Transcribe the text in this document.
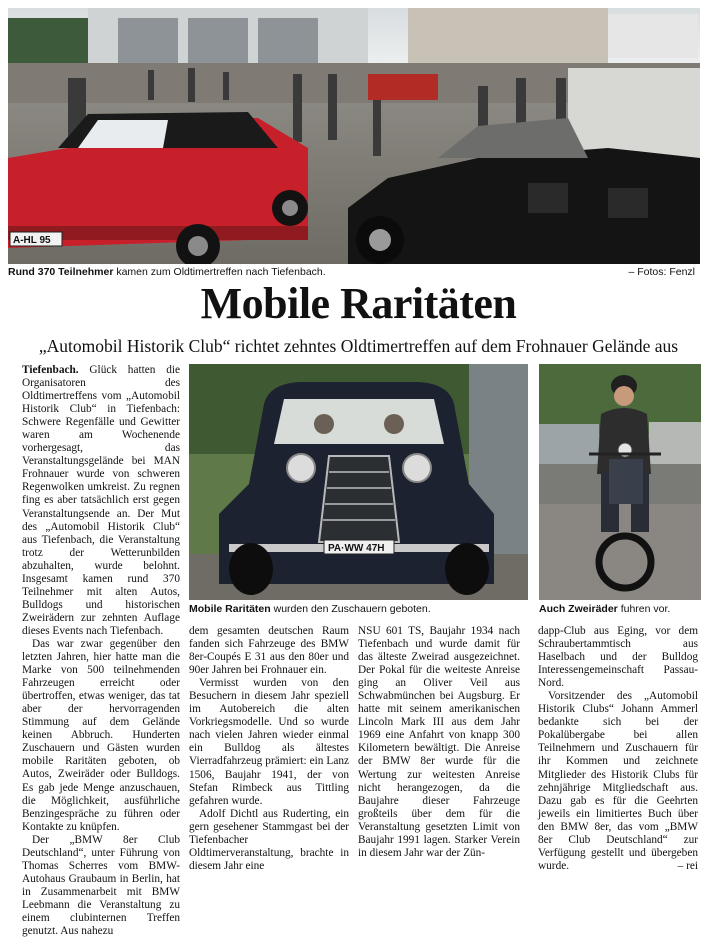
A-HL 95
Rund 370 Teilnehmer kamen zum Oldtimertreffen nach Tiefenbach.	– Fotos: Fenzl
Mobile Raritäten
„Automobil Historik Club“ richtet zehntes Oldtimertreffen auf dem Frohnauer Gelände aus
PA·WW 47H
Mobile Raritäten wurden den Zuschauern geboten.	Auch Zweiräder fuhren vor.

Tiefenbach. Glück hatten die Organisatoren des Oldtimertreffens vom „Automobil Historik Club“ in Tiefenbach: Schwere Regenfälle und Gewitter waren am Wochenende vorhergesagt, das Veranstaltungsgelände bei MAN Frohnauer wurde von schweren Regenwolken umkreist. Zu regnen fing es aber tatsächlich erst gegen Veranstaltungsende an. Der Mut des „Automobil Historik Club“ aus Tiefenbach, die Veranstaltung trotz der Wetterunbilden abzuhalten, wurde belohnt. Insgesamt kamen rund 370 Teilnehmer mit alten Autos, Bulldogs und historischen Zweirädern zur zehnten Auflage dieses Events nach Tiefenbach.

Das war zwar gegenüber den letzten Jahren, hier hatte man die Marke von 500 teilnehmenden Fahrzeugen erreicht oder übertroffen, etwas weniger, das tat aber der hervorragenden Stimmung auf dem Gelände keinen Abbruch. Hunderten Zuschauern und Gästen wurden mobile Raritäten geboten, ob Autos, Zweiräder oder Bulldogs. Es gab jede Menge anzuschauen, die Möglichkeit, ausführliche Benzingespräche zu führen oder Kontakte zu knüpfen.

Der „BMW 8er Club Deutschland“, unter Führung von Thomas Scherres vom BMW-Autohaus Graubaum in Berlin, hat in Zusammenarbeit mit BMW Leebmann die Veranstaltung zu einem clubinternen Treffen genutzt. Aus nahezu

dem gesamten deutschen Raum fanden sich Fahrzeuge des BMW 8er-Coupés E 31 aus den 80er und 90er Jahren bei Frohnauer ein.

Vermisst wurden von den Besuchern in diesem Jahr speziell im Autobereich die alten Vorkriegsmodelle. Und so wurde nach vielen Jahren wieder einmal ein Bulldog als ältestes Vierradfahrzeug prämiert: ein Lanz 1506, Baujahr 1941, der von Stefan Rimbeck aus Tittling gefahren wurde.

Adolf Dichtl aus Ruderting, ein gern gesehener Stammgast bei der Tiefenbacher Oldtimerveranstaltung, brachte in diesem Jahr eine

NSU 601 TS, Baujahr 1934 nach Tiefenbach und wurde damit für das älteste Zweirad ausgezeichnet. Der Pokal für die weiteste Anreise ging an Oliver Veil aus Schwabmünchen bei Augsburg. Er hatte mit seinem amerikanischen Lincoln Mark III aus dem Jahr 1969 eine Anfahrt von knapp 300 Kilometern bewältigt. Die Anreise der BMW 8er wurde für die Wertung zur weitesten Anreise nicht herangezogen, da die Baujahre dieser Fahrzeuge großteils über dem für die Veranstaltung gesetzten Limit von Baujahr 1991 lagen. Starker Verein in diesem Jahr war der Zün-

dapp-Club aus Eging, vor dem Schraubertammtisch aus Haselbach und der Bulldog Interessengemeinschaft Passau-Nord.

Vorsitzender des „Automobil Historik Clubs“ Johann Ammerl bedankte sich bei der Pokalübergabe bei allen Teilnehmern und Zuschauern für ihr Kommen und zeichnete Mitglieder des Historik Clubs für zehnjährige Mitgliedschaft aus. Dazu gab es für die Geehrten jeweils ein limitiertes Buch über den BMW 8er, das vom „BMW 8er Club Deutschland“ zur Verfügung gestellt und übergeben wurde.	– rei
